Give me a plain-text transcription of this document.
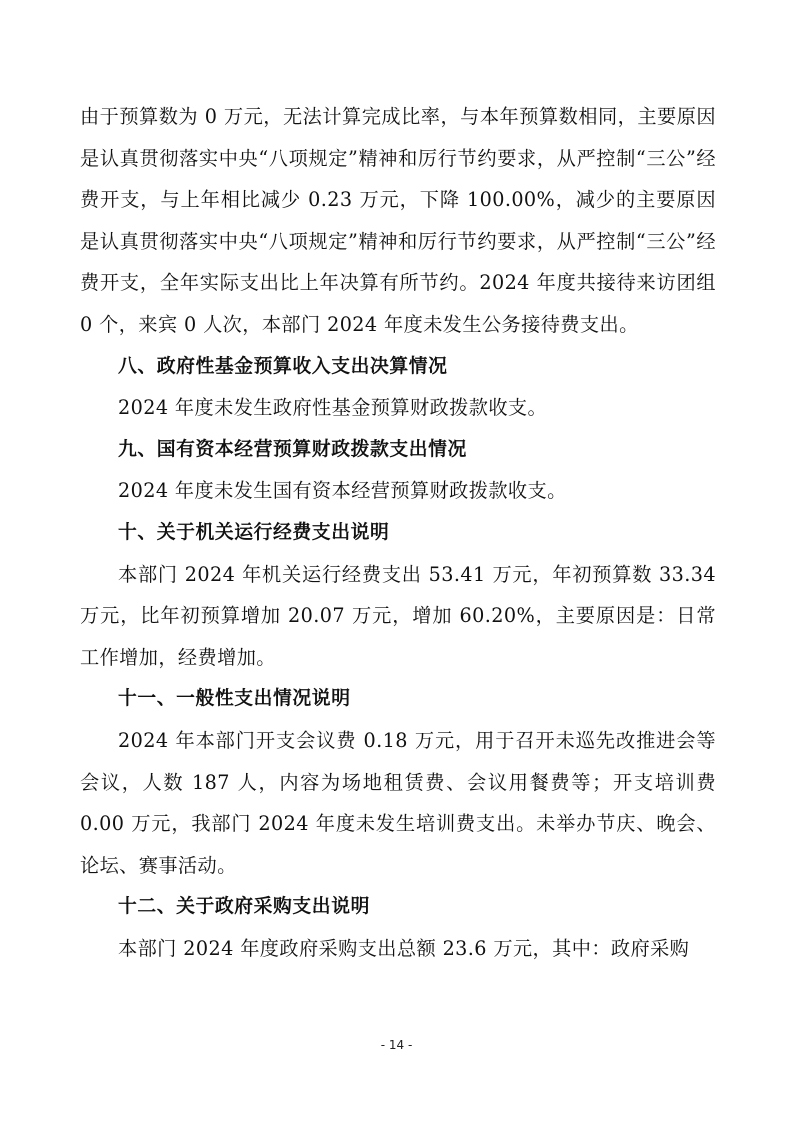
由于预算数为 0 万元，无法计算完成比率，与本年预算数相同，主要原因是认真贯彻落实中央“八项规定”精神和厉行节约要求，从严控制“三公”经费开支，与上年相比减少 0.23 万元，下降 100.00%，减少的主要原因是认真贯彻落实中央“八项规定”精神和厉行节约要求，从严控制“三公”经费开支，全年实际支出比上年决算有所节约。2024 年度共接待来访团组 0 个，来宾 0 人次，本部门 2024 年度未发生公务接待费支出。

八、政府性基金预算收入支出决算情况

2024 年度未发生政府性基金预算财政拨款收支。

九、国有资本经营预算财政拨款支出情况

2024 年度未发生国有资本经营预算财政拨款收支。

十、关于机关运行经费支出说明

本部门 2024 年机关运行经费支出 53.41 万元，年初预算数 33.34 万元，比年初预算增加 20.07 万元，增加 60.20%，主要原因是：日常工作增加，经费增加。

十一、一般性支出情况说明

2024 年本部门开支会议费 0.18 万元，用于召开未巡先改推进会等会议，人数 187 人，内容为场地租赁费、会议用餐费等；开支培训费 0.00 万元，我部门 2024 年度未发生培训费支出。未举办节庆、晚会、论坛、赛事活动。

十二、关于政府采购支出说明

本部门 2024 年度政府采购支出总额 23.6 万元，其中：政府采购

- 14 -
